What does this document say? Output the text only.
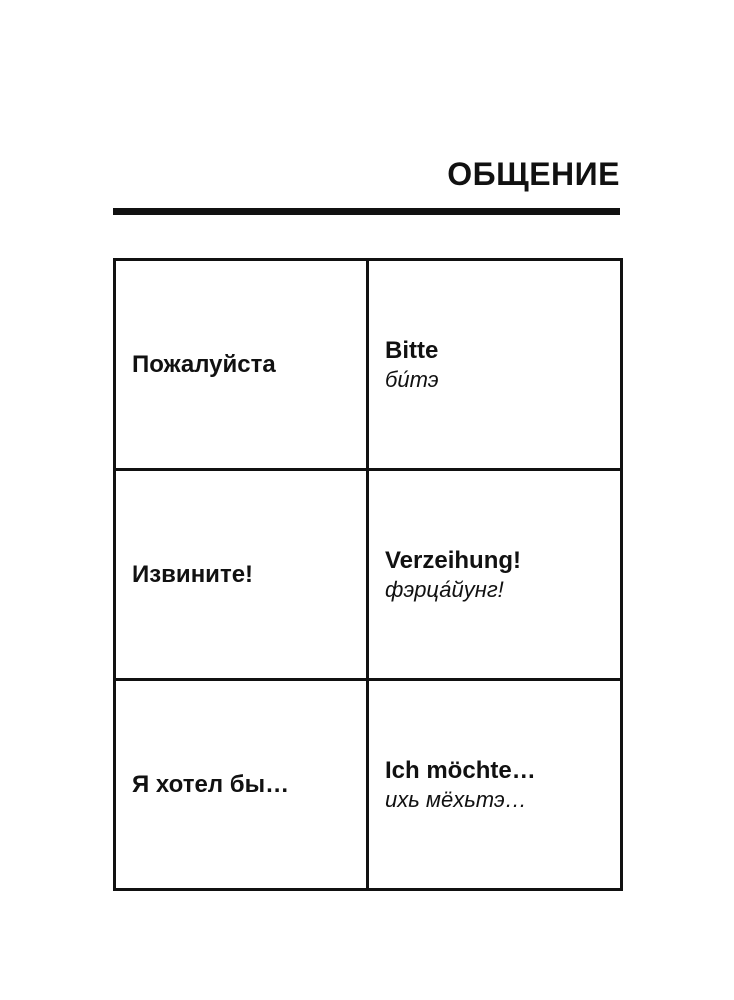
ОБЩЕНИЕ
Пожалуйста	Bitte
би́тэ

Извините!	Verzeihung!
фэрца́йунг!

Я хотел бы…	Ich möchte…
ихь мёхьтэ…
